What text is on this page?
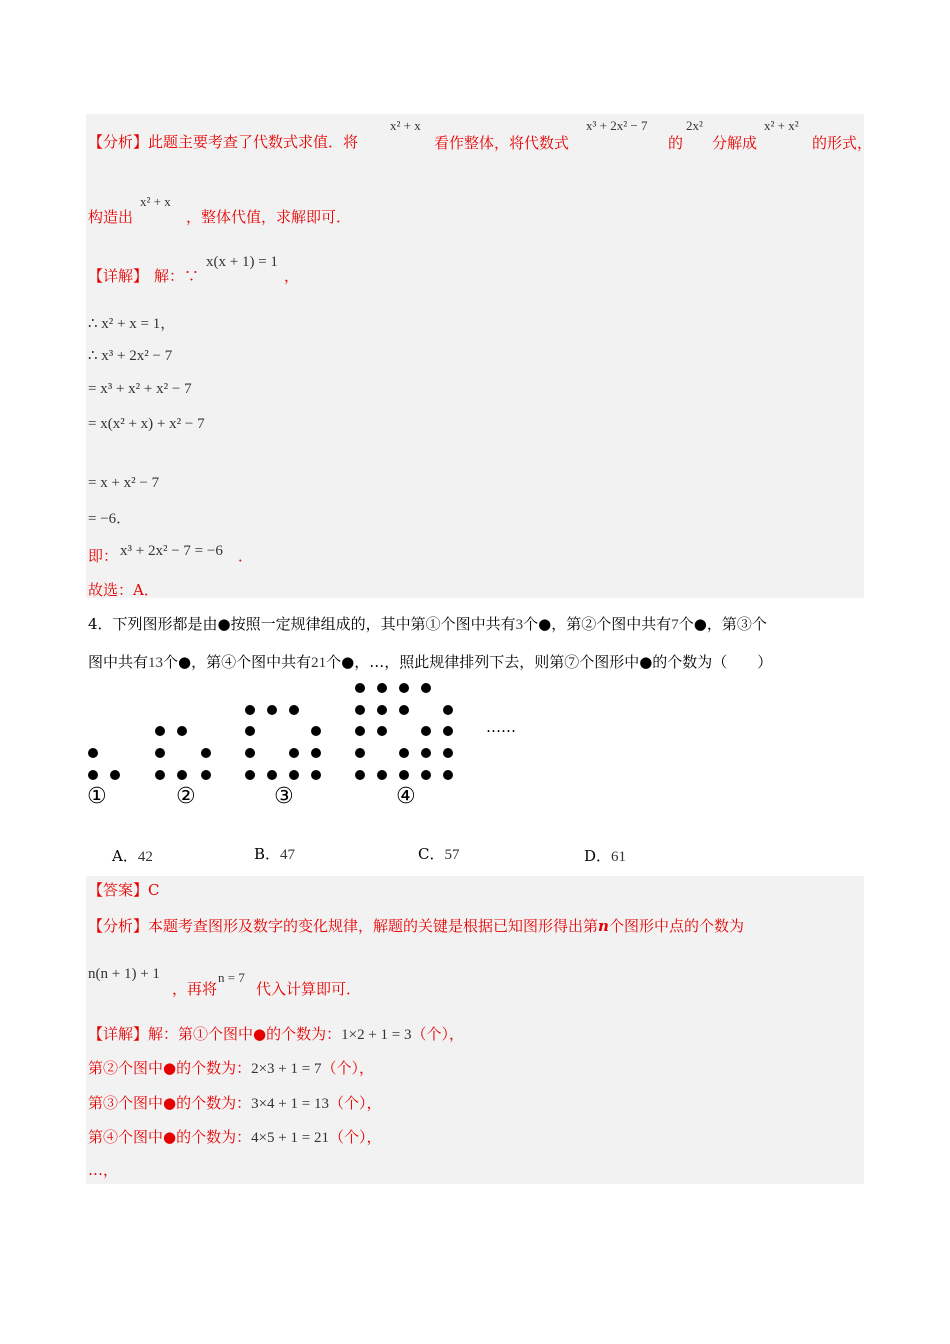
【分析】此题主要考查了代数式求值．将
x² + x
看作整体，将代数式
x³ + 2x² − 7
的
2x²
分解成
x² + x²
的形式，
构造出
x² + x
，整体代值，求解即可．
【详解】 解：∵
x(x + 1) = 1
，
∴ x² + x = 1，
∴ x³ + 2x² − 7
= x³ + x² + x² − 7
= x(x² + x) + x² − 7
= x + x² − 7
= −6．
即： x³ + 2x² − 7 = −6 ．
故选：A．
4．下列图形都是由●按照一定规律组成的，其中第①个图中共有3个●，第②个图中共有7个●，第③个
图中共有13个●，第④个图中共有21个●，…，照此规律排列下去，则第⑦个图形中●的个数为（　　）
……
①	②	③	④
A．42	B．47	C．57	D．61
【答案】C
【分析】本题考查图形及数字的变化规律，解题的关键是根据已知图形得出第n个图形中点的个数为
n(n + 1) + 1
，再将
n = 7
代入计算即可．
【详解】解：第①个图中●的个数为：1×2 + 1 = 3（个），
第②个图中●的个数为：2×3 + 1 = 7（个），
第③个图中●的个数为：3×4 + 1 = 13（个），
第④个图中●的个数为：4×5 + 1 = 21（个），
…，
